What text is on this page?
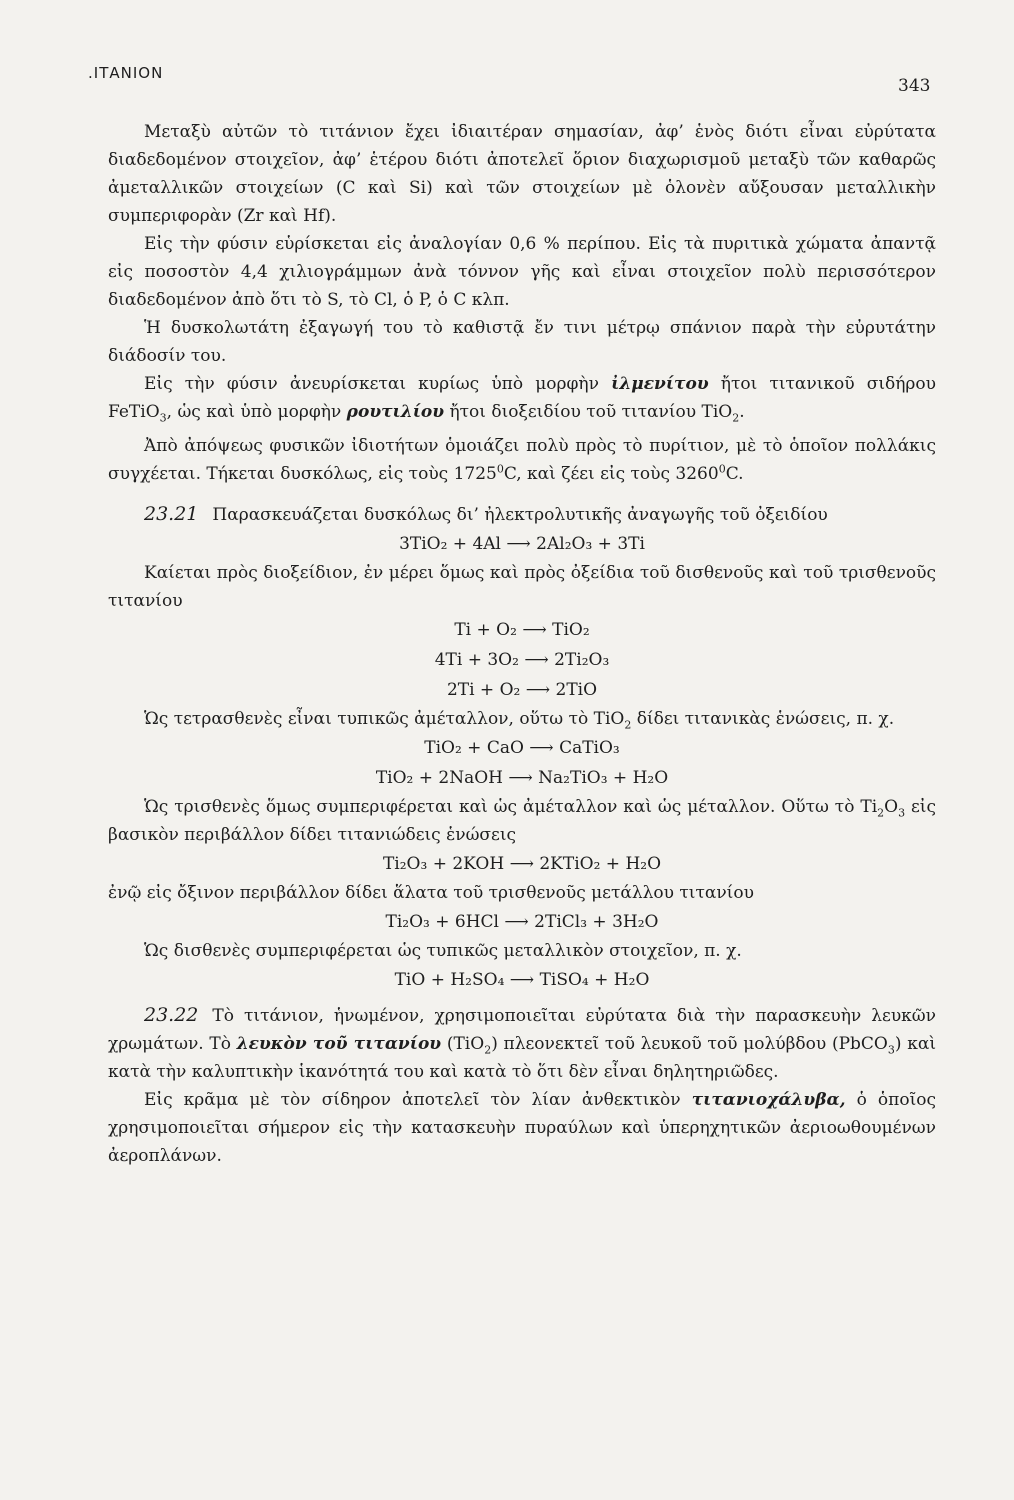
.ΙΤΑΝΙΟΝ
343

Μεταξὺ αὐτῶν τὸ τιτάνιον ἔχει ἰδιαιτέραν σημασίαν, ἀφ’ ἑνὸς διότι εἶναι εὐρύτατα διαδεδομένον στοιχεῖον, ἀφ’ ἑτέρου διότι ἀποτελεῖ ὅριον διαχωρισμοῦ μεταξὺ τῶν καθαρῶς ἀμεταλλικῶν στοιχείων (C καὶ Si) καὶ τῶν στοιχείων μὲ ὁλονὲν αὔξουσαν μεταλλικὴν συμπεριφορὰν (Zr καὶ Hf).

Εἰς τὴν φύσιν εὑρίσκεται εἰς ἀναλογίαν 0,6 % περίπου. Εἰς τὰ πυριτικὰ χώματα ἀπαντᾷ εἰς ποσοστὸν 4,4 χιλιογράμμων ἀνὰ τόννον γῆς καὶ εἶναι στοιχεῖον πολὺ περισσότερον διαδεδομένον ἀπὸ ὅτι τὸ S, τὸ Cl, ὁ P, ὁ C κλπ.

Ἡ δυσκολωτάτη ἐξαγωγή του τὸ καθιστᾷ ἔν τινι μέτρῳ σπάνιον παρὰ τὴν εὐρυτάτην διάδοσίν του.

Εἰς τὴν φύσιν ἀνευρίσκεται κυρίως ὑπὸ μορφὴν ἰλμενίτου ἤτοι τιτανικοῦ σιδήρου FeTiO$_3$, ὡς καὶ ὑπὸ μορφὴν ρουτιλίου ἤτοι διοξειδίου τοῦ τιτανίου TiO$_2$.

Ἀπὸ ἀπόψεως φυσικῶν ἰδιοτήτων ὁμοιάζει πολὺ πρὸς τὸ πυρίτιον, μὲ τὸ ὁποῖον πολλάκις συγχέεται. Τήκεται δυσκόλως, εἰς τοὺς 1725$^0$C, καὶ ζέει εἰς τοὺς 3260$^0$C.

23.21 Παρασκευάζεται δυσκόλως δι’ ἠλεκτρολυτικῆς ἀναγωγῆς τοῦ ὀξειδίου

3TiO₂ + 4Al ⟶ 2Al₂O₃ + 3Ti

Καίεται πρὸς διοξείδιον, ἐν μέρει ὅμως καὶ πρὸς ὀξείδια τοῦ δισθενοῦς καὶ τοῦ τρισθενοῦς τιτανίου

Ti + O₂ ⟶ TiO₂
4Ti + 3O₂ ⟶ 2Ti₂O₃
2Ti + O₂ ⟶ 2TiO

Ὡς τετρασθενὲς εἶναι τυπικῶς ἀμέταλλον, οὕτω τὸ TiO$_2$ δίδει τιτανικὰς ἑνώσεις, π. χ.

TiO₂ + CaO ⟶ CaTiO₃
TiO₂ + 2NaOH ⟶ Na₂TiO₃ + H₂O

Ὡς τρισθενὲς ὅμως συμπεριφέρεται καὶ ὡς ἀμέταλλον καὶ ὡς μέταλλον. Οὕτω τὸ $Ti_2O_3$ εἰς βασικὸν περιβάλλον δίδει τιτανιώδεις ἑνώσεις

Ti₂O₃ + 2KOH ⟶ 2KTiO₂ + H₂O

ἐνῷ εἰς ὄξινον περιβάλλον δίδει ἅλατα τοῦ τρισθενοῦς μετάλλου τιτανίου

Ti₂O₃ + 6HCl ⟶ 2TiCl₃ + 3H₂O

Ὡς δισθενὲς συμπεριφέρεται ὡς τυπικῶς μεταλλικὸν στοιχεῖον, π. χ.

TiO + H₂SO₄ ⟶ TiSO₄ + H₂O

23.22 Τὸ τιτάνιον, ἡνωμένον, χρησιμοποιεῖται εὐρύτατα διὰ τὴν παρασκευὴν λευκῶν χρωμάτων. Τὸ λευκὸν τοῦ τιτανίου (TiO$_2$) πλεονεκτεῖ τοῦ λευκοῦ τοῦ μολύβδου (PbCO$_3$) καὶ κατὰ τὴν καλυπτικὴν ἱκανότητά του καὶ κατὰ τὸ ὅτι δὲν εἶναι δηλητηριῶδες.

Εἰς κρᾶμα μὲ τὸν σίδηρον ἀποτελεῖ τὸν λίαν ἀνθεκτικὸν τιτανιοχάλυβα, ὁ ὁποῖος χρησιμοποιεῖται σήμερον εἰς τὴν κατασκευὴν πυραύλων καὶ ὑπερηχητικῶν ἀεριοωθουμένων ἀεροπλάνων.
